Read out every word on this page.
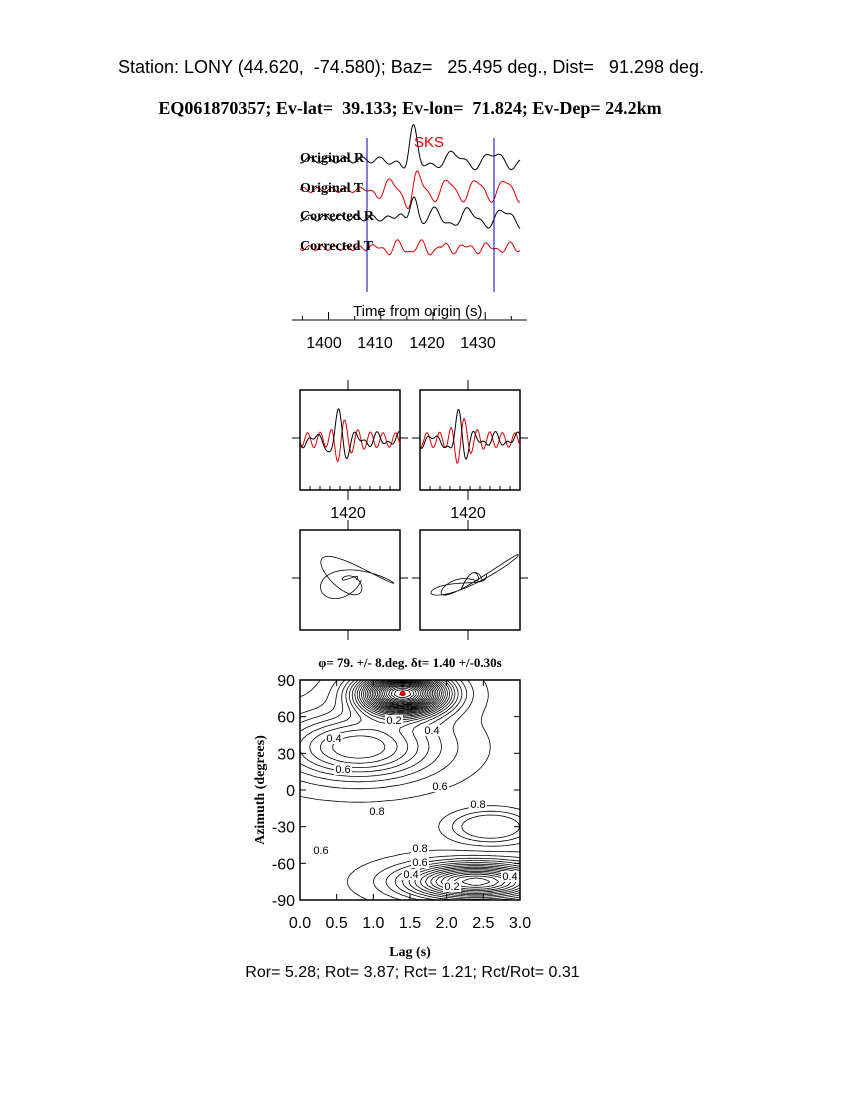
Station: LONY (44.620,  -74.580); Baz=   25.495 deg., Dist=   91.298 deg.
EQ061870357; Ev-lat=  39.133; Ev-lon=  71.824; Ev-Dep= 24.2km
Original R
Original T
Corrected R
Corrected T
SKS
Time from origin (s)
1400 1410 1420 1430
1420	1420
φ= 79. +/- 8.deg. δt= 1.40 +/-0.30s
0.2
0.4
0.4
0.6
0.6
0.8
0.8
0.6	0.8
0.6
0.4
0.2
0.4
90
60
30
0
-30
-60
-90
0.0 0.5 1.0 1.5 2.0 2.5 3.0
Lag (s)
Azimuth (degrees)
Ror= 5.28; Rot= 3.87; Rct= 1.21; Rct/Rot= 0.31
